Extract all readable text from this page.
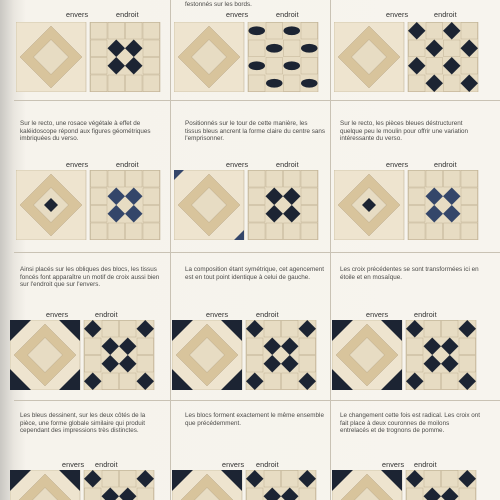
envers	endroit

festonnés sur les bords.

envers	endroit	envers	endroit

Sur le recto, une rosace végétale à effet de kaléidoscope répond aux figures géométriques imbriquées du verso.

Positionnés sur le tour de cette manière, les tissus bleus ancrent la forme claire du centre sans l'emprisonner.

Sur le recto, les pièces bleues déstructurent quelque peu le moulin pour offrir une variation intéressante du verso.

envers	endroit	envers	endroit	envers	endroit

Ainsi placés sur les obliques des blocs, les tissus foncés font apparaître un motif de croix aussi bien sur l'endroit que sur l'envers.

La composition étant symétrique, cet agencement est en tout point identique à celui de gauche.

Les croix précédentes se sont transformées ici en étoile et en mosaïque.

envers	endroit	envers	endroit	envers	endroit

Les bleus dessinent, sur les deux côtés de la pièce, une forme globale similaire qui produit cependant des impressions très distinctes.

Les blocs forment exactement le même ensemble que précédemment.

Le changement cette fois est radical. Les croix ont fait place à deux couronnes de moilons entrelacés et de trognons de pomme.

envers endroit	envers endroit	envers endroit
